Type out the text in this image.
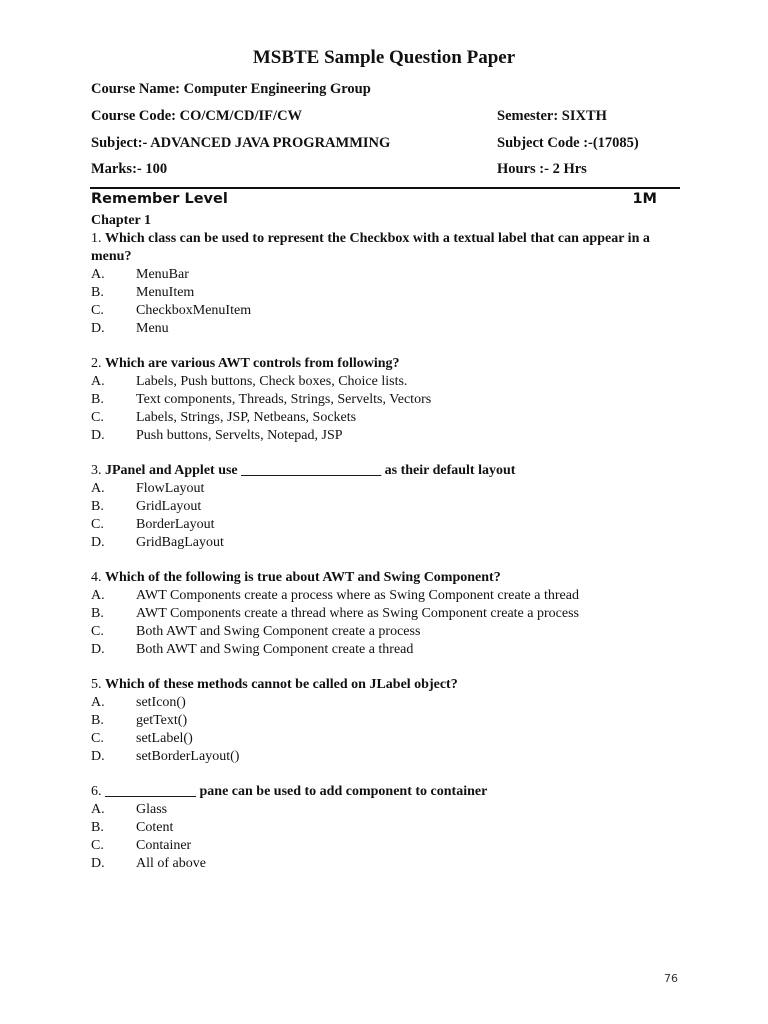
MSBTE Sample Question Paper
Course Name: Computer Engineering Group
Course Code: CO/CM/CD/IF/CW	Semester: SIXTH
Subject:- ADVANCED JAVA PROGRAMMING	Subject Code :-(17085)
Marks:- 100	Hours :- 2 Hrs
Remember Level	1M
Chapter 1
1. Which class can be used to represent the Checkbox with a textual label that can appear in a menu?
A. MenuBar
B. MenuItem
C. CheckboxMenuItem
D. Menu
2. Which are various AWT controls from following?
A. Labels, Push buttons, Check boxes, Choice lists.
B. Text components, Threads, Strings, Servelts, Vectors
C. Labels, Strings, JSP, Netbeans, Sockets
D. Push buttons, Servelts, Notepad, JSP
3. JPanel and Applet use ____________________ as their default layout
A. FlowLayout
B. GridLayout
C. BorderLayout
D. GridBagLayout
4. Which of the following is true about AWT and Swing Component?
A. AWT Components create a process where as Swing Component create a thread
B. AWT Components create a thread where as Swing Component create a process
C. Both AWT and Swing Component create a process
D. Both AWT and Swing Component create a thread
5. Which of these methods cannot be called on JLabel object?
A. setIcon()
B. getText()
C. setLabel()
D. setBorderLayout()
6. _____________ pane can be used to add component to container
A. Glass
B. Cotent
C. Container
D. All of above
76
